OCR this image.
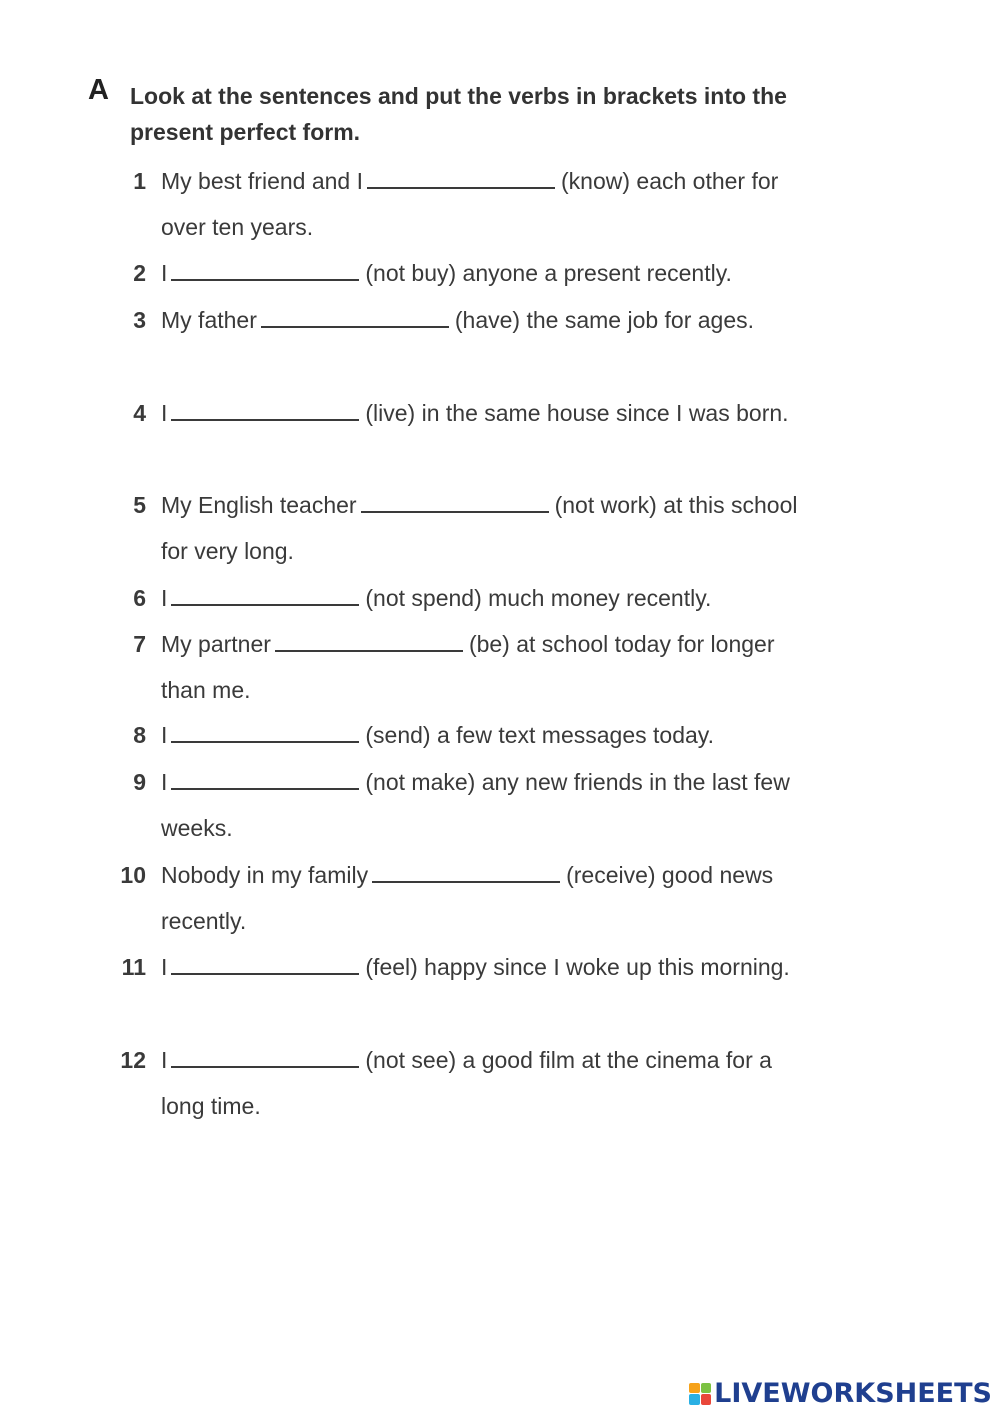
A Look at the sentences and put the verbs in brackets into the present perfect form.
1 My best friend and I	(know) each other for over ten years.
2 I	(not buy) anyone a present recently.
3 My father	(have) the same job for ages.
4 I	(live) in the same house since I was born.
5 My English teacher	(not work) at this school for very long.
6 I	(not spend) much money recently.
7 My partner	(be) at school today for longer than me.
8 I	(send) a few text messages today.
9 I	(not make) any new friends in the last few weeks.
10 Nobody in my family	(receive) good news recently.
11 I	(feel) happy since I woke up this morning.
12 I	(not see) a good film at the cinema for a long time.
LIVEWORKSHEETS
